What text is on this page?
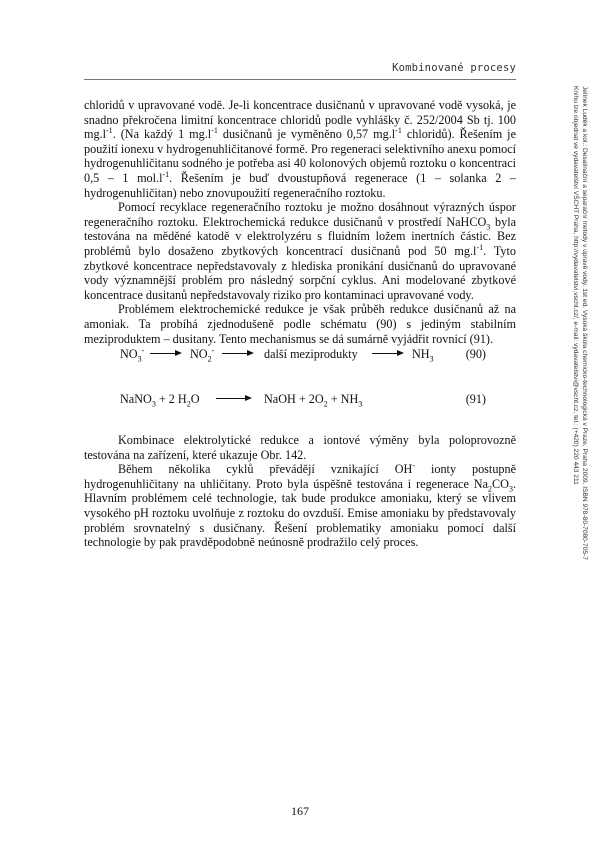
Kombinované procesy

chloridů v upravované vodě. Je-li koncentrace dusičnanů v upravované vodě vysoká, je snadno překročena limitní koncentrace chloridů podle vyhlášky č. 252/2004 Sb tj. 100 $mg.l^{-1}$. (Na každý 1 $mg.l^{-1}$ dusičnanů je vyměněno 0,57 $mg.l^{-1}$ chloridů). Řešením je použití ionexu v hydrogenuhličitanové formě. Pro regeneraci selektivního anexu pomocí hydrogenuhličitanu sodného je potřeba asi 40 kolonových objemů roztoku o koncentraci 0,5 – 1 $mol.l^{-1}$. Řešením je buď dvoustupňová regenerace (1 – solanka 2 – hydrogenuhličitan) nebo znovupoužití regeneračního roztoku.

Pomocí recyklace regeneračního roztoku je možno dosáhnout výrazných úspor regeneračního roztoku. Elektrochemická redukce dusičnanů v prostředí NaHCO$_3$ byla testována na měděné katodě v elektrolyzéru s fluidním ložem inertních částic. Bez problémů bylo dosaženo zbytkových koncentrací dusičnanů pod 50 $mg.l^{-1}$. Tyto zbytkové koncentrace nepředstavovaly z hlediska pronikání dusičnanů do upravované vody významnější problém pro následný sorpční cyklus. Ani modelované zbytkové koncentrace dusitanů nepředstavovaly riziko pro kontaminaci upravované vody.

Problémem elektrochemické redukce je však průběh redukce dusičnanů až na amoniak. Ta probíhá zjednodušeně podle schématu (90) s jediným stabilním meziproduktem – dusitany. Tento mechanismus se dá sumárně vyjádřit rovnicí (91).

$NO_3^- \to NO_2^-$ → další meziprodukty → $NH_3$	(90)
NaNO$_3$ + 2 $H_2O$ → NaOH + $2O_2 + NH_3$	(91)

Kombinace elektrolytické redukce a iontové výměny byla poloprovozně testována na zařízení, které ukazuje Obr. 142.

Během několika cyklů převádějí vznikající OH- ionty postupně hydrogenuhličitany na uhličitany. Proto byla úspěšně testována i regenerace $Na_2CO_3$. Hlavním problémem celé technologie, tak bude produkce amoniaku, který se vlivem vysokého pH roztoku uvolňuje z roztoku do ovzduší. Emise amoniaku by představovaly problém srovnatelný s dusičnany. Řešení problematiky amoniaku pomocí další technologie by pak pravděpodobně neúnosně prodražilo celý proces.

167
Jelínek Luděk a kol.: Desalinační a separační metody v úpravě vody. 1st ed. Vysoká škola chemicko-technologická v Praze, Praha 2009. ISBN 978-80-7080-705-7
Knihu lze objednat ve vydavatelství VŠCHT Praha, http://vydavatelstvi.vscht.cz/, e-mail: vydavatelstvi@vscht.cz, tel.: (+420) 220 443 211
